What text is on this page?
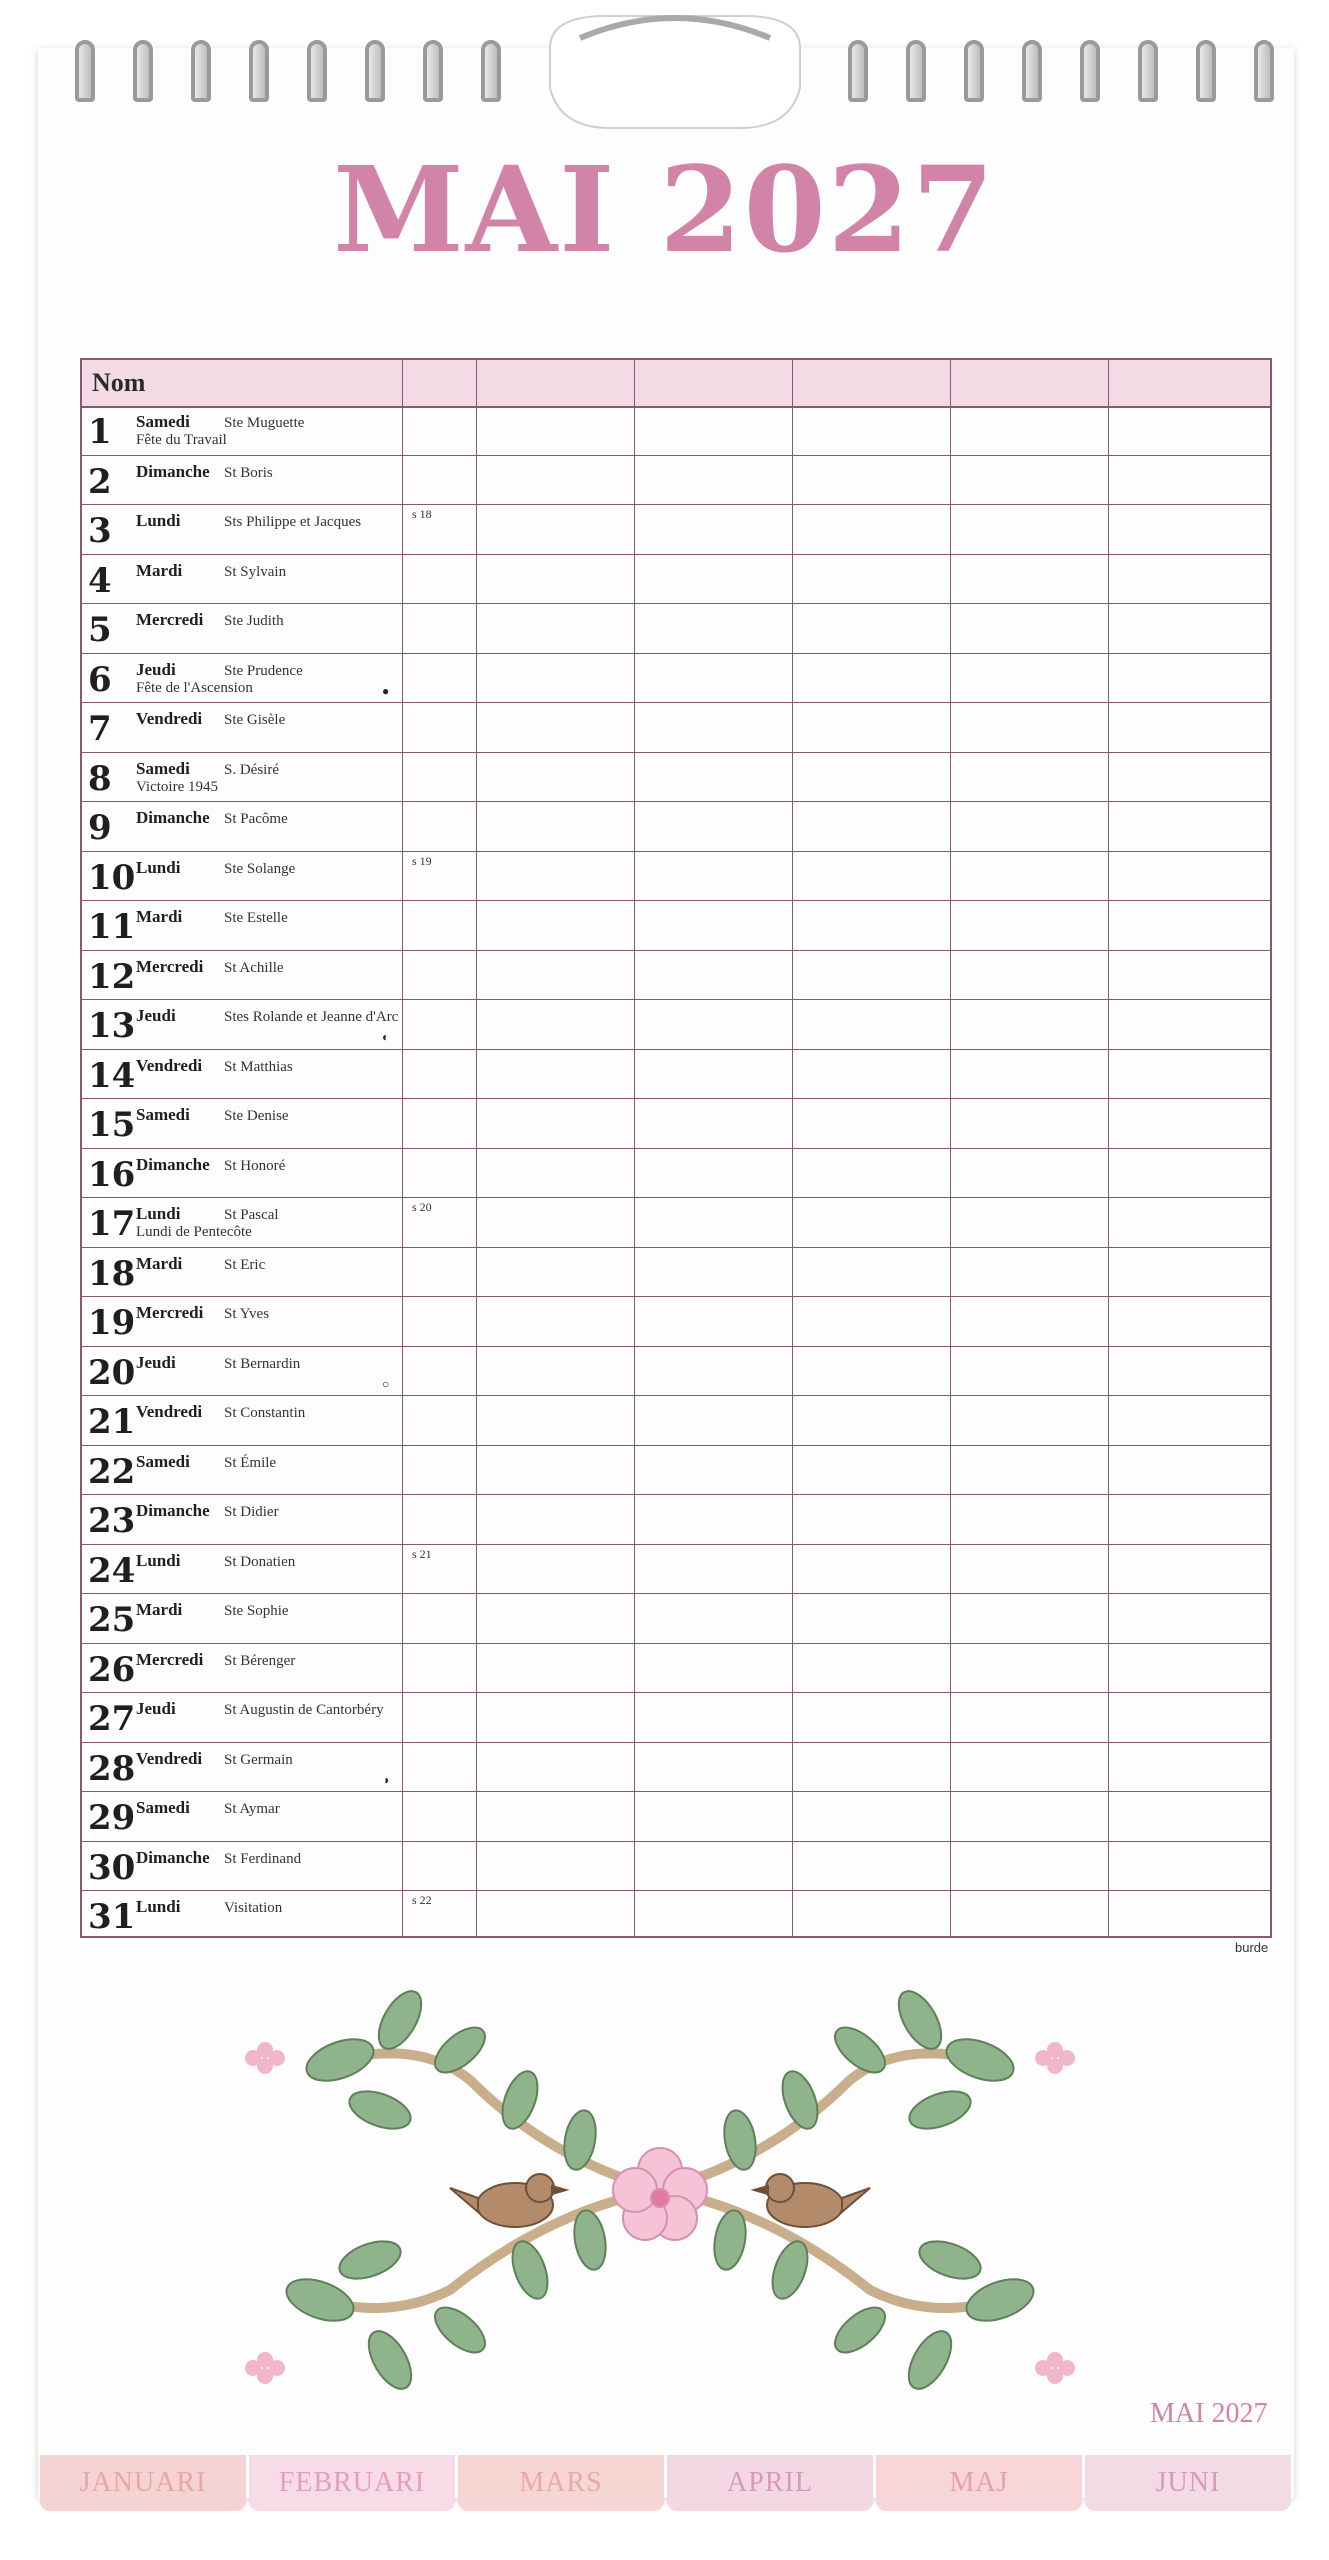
MAI 2027
Nom
1 Samedi Ste Muguette
Fête du Travail
2 Dimanche St Boris
3 Lundi	Sts Philippe et Jacques	s 18
4 Mardi	St Sylvain
5 Mercredi Ste Judith
6 Jeudi	Ste Prudence
Fête de l'Ascension	●
7 Vendredi Ste Gisèle
8 Samedi S. Désiré
Victoire 1945
9 Dimanche St Pacôme
10 Lundi	Ste Solange	s 19
11 Mardi	Ste Estelle
12 Mercredi St Achille
13 Jeudi	Stes Rolande et Jeanne d'Arc
◐
14 Vendredi St Matthias
15 Samedi Ste Denise
16 Dimanche St Honoré
17 Lundi	St Pascal
Lundi de Pentecôte
s 20
18 Mardi	St Eric
19 Mercredi St Yves
20 Jeudi	St Bernardin
○
21 Vendredi St Constantin
22 Samedi St Émile
23 Dimanche St Didier
24 Lundi	St Donatien	s 21
25 Mardi	Ste Sophie
26 Mercredi St Bérenger
27 Jeudi	St Augustin de Cantorbéry
28 Vendredi St Germain
◑
29 Samedi St Aymar
30 Dimanche St Ferdinand
31 Lundi	Visitation	s 22
burde
MAI 2027
JANUARI	FEBRUARI	MARS	APRIL	MAJ	JUNI
